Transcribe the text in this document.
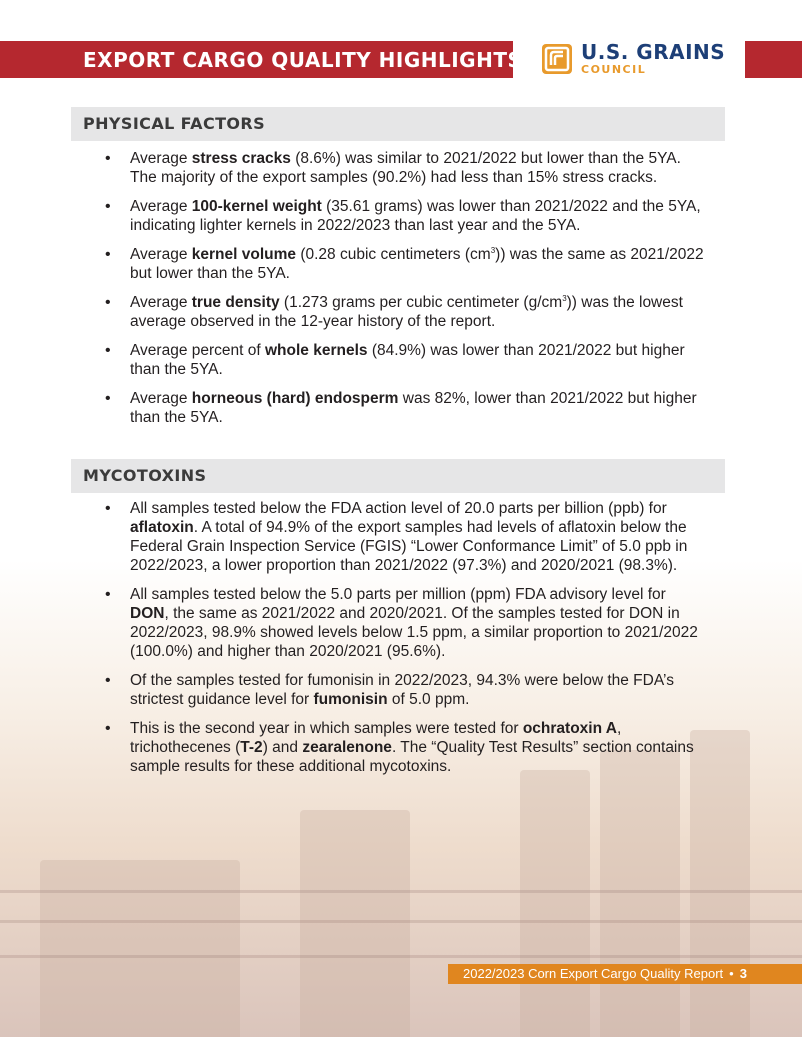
EXPORT CARGO QUALITY HIGHLIGHTS	U.S. GRAINS
COUNCIL
PHYSICAL FACTORS
• Average stress cracks (8.6%) was similar to 2021/2022 but lower than the 5YA. The majority of the export samples (90.2%) had less than 15% stress cracks.
• Average 100-kernel weight (35.61 grams) was lower than 2021/2022 and the 5YA, indicating lighter kernels in 2022/2023 than last year and the 5YA.
• Average kernel volume (0.28 cubic centimeters $(cm^3)$) was the same as 2021/2022 but lower than the 5YA.
• Average true density (1.273 grams per cubic centimeter $(g/cm^3)$) was the lowest average observed in the 12-year history of the report.
• Average percent of whole kernels (84.9%) was lower than 2021/2022 but higher than the 5YA.
• Average horneous (hard) endosperm was 82%, lower than 2021/2022 but higher than the 5YA.
MYCOTOXINS
• All samples tested below the FDA action level of 20.0 parts per billion (ppb) for aflatoxin. A total of 94.9% of the export samples had levels of aflatoxin below the Federal Grain Inspection Service (FGIS) “Lower Conformance Limit” of 5.0 ppb in 2022/2023, a lower proportion than 2021/2022 (97.3%) and 2020/2021 (98.3%).
• All samples tested below the 5.0 parts per million (ppm) FDA advisory level for DON, the same as 2021/2022 and 2020/2021. Of the samples tested for DON in 2022/2023, 98.9% showed levels below 1.5 ppm, a similar proportion to 2021/2022 (100.0%) and higher than 2020/2021 (95.6%).
• Of the samples tested for fumonisin in 2022/2023, 94.3% were below the FDA’s strictest guidance level for fumonisin of 5.0 ppm.
• This is the second year in which samples were tested for ochratoxin A, trichothecenes (T-2) and zearalenone. The “Quality Test Results” section contains sample results for these additional mycotoxins.
2022/2023 Corn Export Cargo Quality Report • 3
